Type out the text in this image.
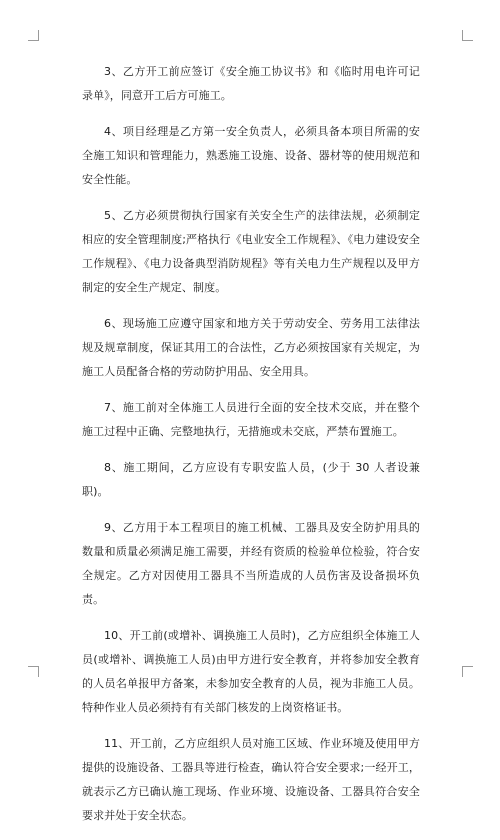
3、乙方开工前应签订《安全施工协议书》和《临时用电许可记录单》，同意开工后方可施工。

4、项目经理是乙方第一安全负责人，必须具备本项目所需的安全施工知识和管理能力，熟悉施工设施、设备、器材等的使用规范和安全性能。

5、乙方必须贯彻执行国家有关安全生产的法律法规，必须制定相应的安全管理制度;严格执行《电业安全工作规程》、《电力建设安全工作规程》、《电力设备典型消防规程》等有关电力生产规程以及甲方制定的安全生产规定、制度。

6、现场施工应遵守国家和地方关于劳动安全、劳务用工法律法规及规章制度，保证其用工的合法性，乙方必须按国家有关规定，为施工人员配备合格的劳动防护用品、安全用具。

7、施工前对全体施工人员进行全面的安全技术交底，并在整个施工过程中正确、完整地执行，无措施或未交底，严禁布置施工。

8、施工期间，乙方应设有专职安监人员，(少于 30 人者设兼职)。

9、乙方用于本工程项目的施工机械、工器具及安全防护用具的数量和质量必须满足施工需要，并经有资质的检验单位检验，符合安全规定。乙方对因使用工器具不当所造成的人员伤害及设备损坏负责。

10、开工前(或增补、调换施工人员时)，乙方应组织全体施工人员(或增补、调换施工人员)由甲方进行安全教育，并将参加安全教育的人员名单报甲方备案，未参加安全教育的人员，视为非施工人员。特种作业人员必须持有有关部门核发的上岗资格证书。

11、开工前，乙方应组织人员对施工区域、作业环境及使用甲方提供的设施设备、工器具等进行检查，确认符合安全要求;一经开工，就表示乙方已确认施工现场、作业环境、设施设备、工器具符合安全要求并处于安全状态。
